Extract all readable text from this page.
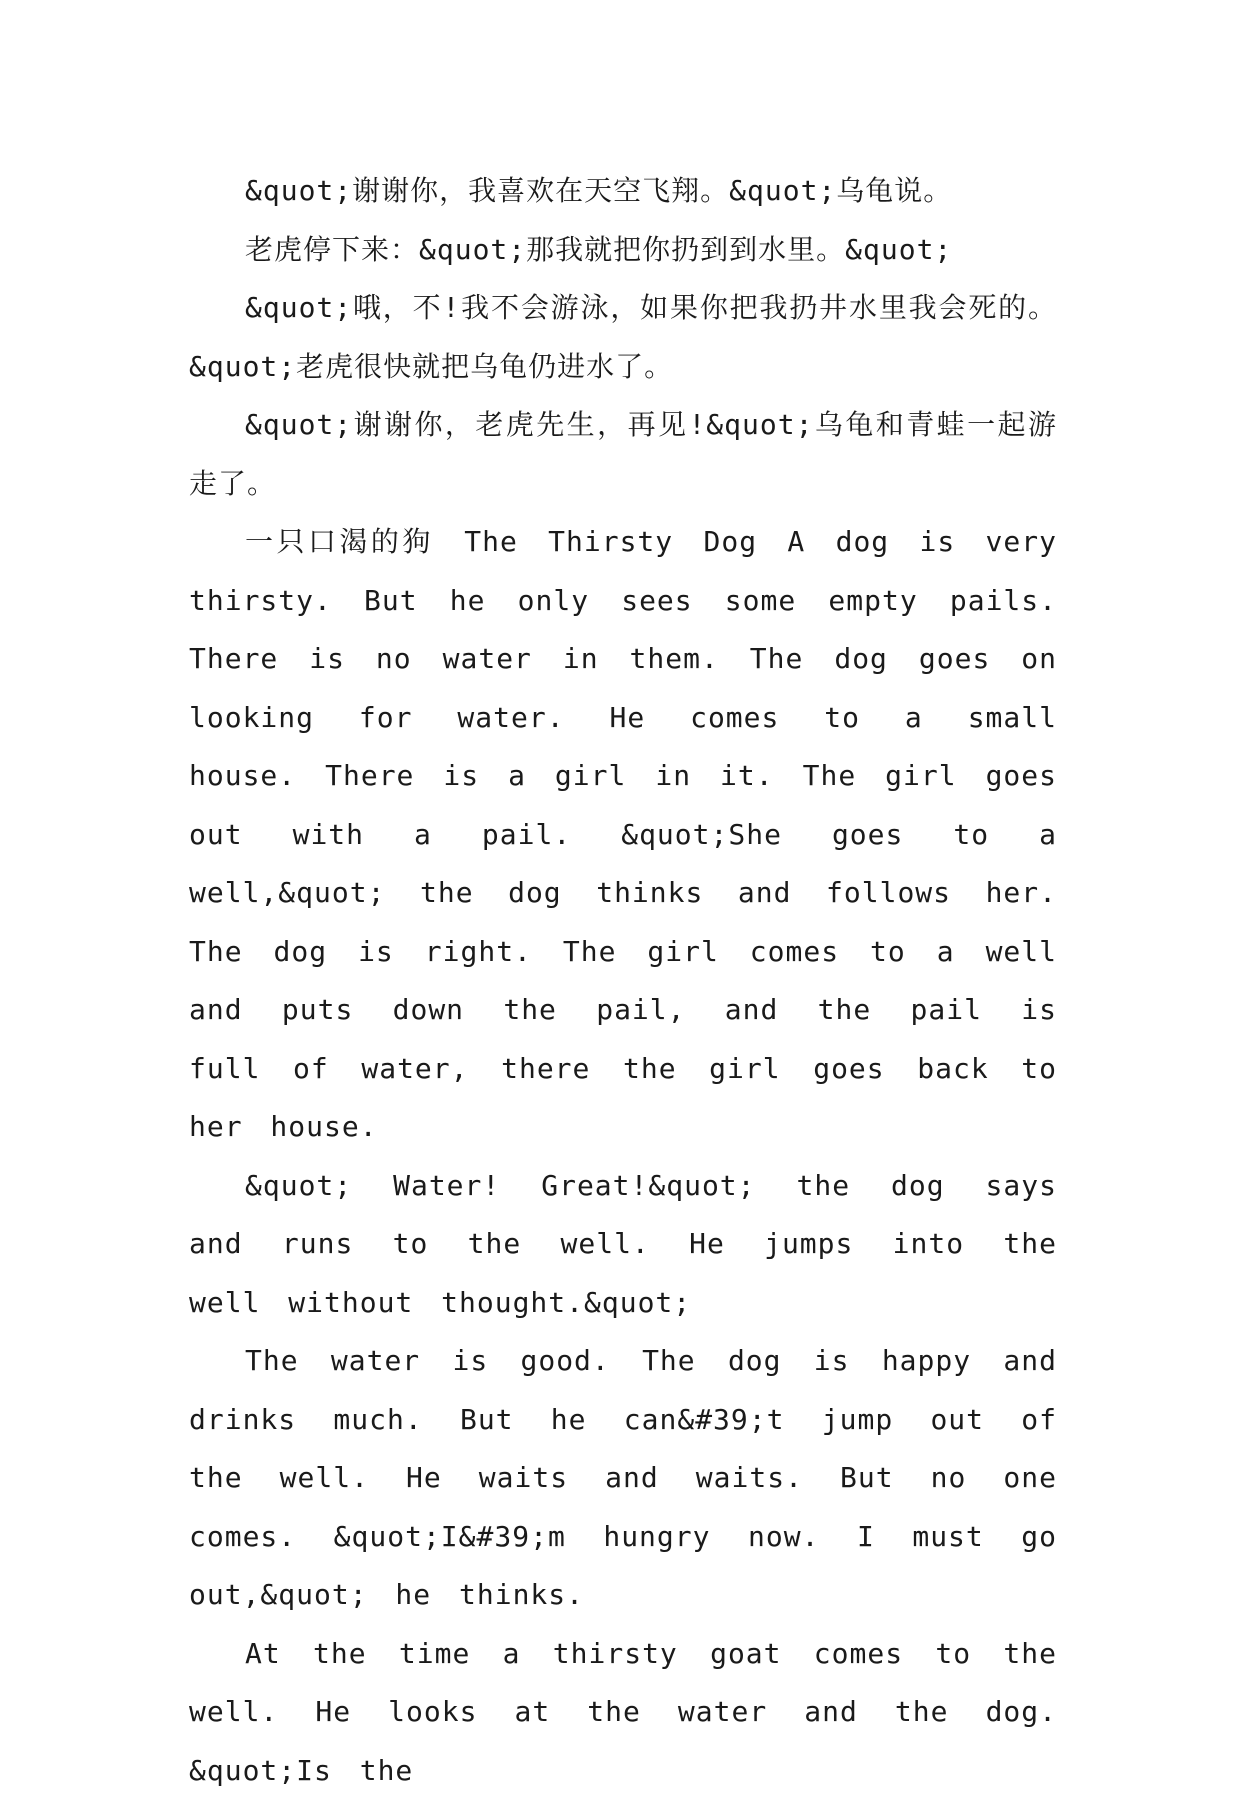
&quot;谢谢你，我喜欢在天空飞翔。&quot;乌龟说。

老虎停下来：&quot;那我就把你扔到到水里。&quot;

&quot;哦，不!我不会游泳，如果你把我扔井水里我会死的。&quot;老虎很快就把乌龟仍进水了。

&quot;谢谢你，老虎先生，再见!&quot;乌龟和青蛙一起游走了。

一只口渴的狗 The Thirsty Dog A dog is very thirsty. But he only sees some empty pails. There is no water in them. The dog goes on looking for water. He comes to a small house. There is a girl in it. The girl goes out with a pail. &quot;She goes to a well,&quot; the dog thinks and follows her. The dog is right. The girl comes to a well and puts down the pail, and the pail is full of water, there the girl goes back to her house.

&quot; Water! Great!&quot; the dog says and runs to the well. He jumps into the well without thought.&quot;

The water is good. The dog is happy and drinks much. But he can&#39;t jump out of the well. He waits and waits. But no one comes. &quot;I&#39;m hungry now. I must go out,&quot; he thinks.

At the time a thirsty goat comes to the well. He looks at the water and the dog. &quot;Is the
